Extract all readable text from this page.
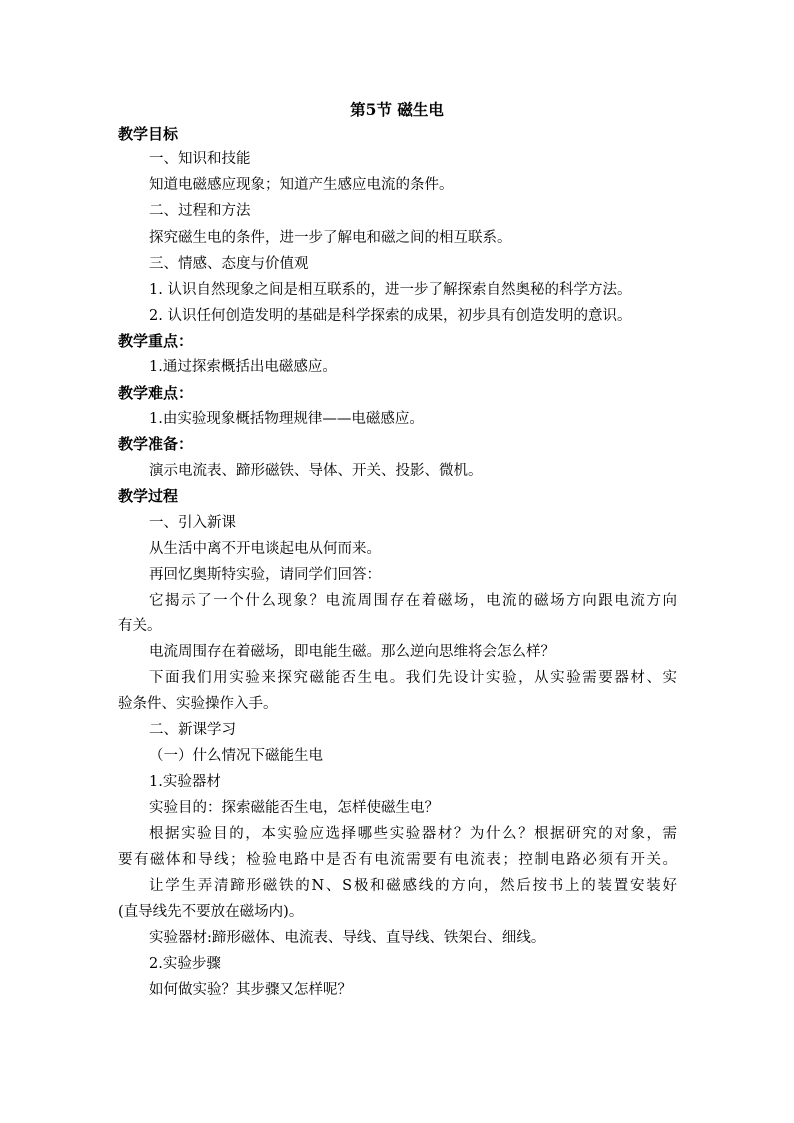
第5节 磁生电
教学目标
一、知识和技能
知道电磁感应现象；知道产生感应电流的条件。
二、过程和方法
探究磁生电的条件，进一步了解电和磁之间的相互联系。
三、情感、态度与价值观
1. 认识自然现象之间是相互联系的，进一步了解探索自然奥秘的科学方法。
2. 认识任何创造发明的基础是科学探索的成果，初步具有创造发明的意识。
教学重点：
1.通过探索概括出电磁感应。
教学难点：
1.由实验现象概括物理规律——电磁感应。
教学准备：
演示电流表、蹄形磁铁、导体、开关、投影、微机。
教学过程
一、引入新课
从生活中离不开电谈起电从何而来。
再回忆奥斯特实验，请同学们回答：
它揭示了一个什么现象？电流周围存在着磁场，电流的磁场方向跟电流方向
有关。
电流周围存在着磁场，即电能生磁。那么逆向思维将会怎么样？
下面我们用实验来探究磁能否生电。我们先设计实验，从实验需要器材、实
验条件、实验操作入手。
二、新课学习
（一）什么情况下磁能生电
1.实验器材
实验目的：探索磁能否生电，怎样使磁生电？
根据实验目的，本实验应选择哪些实验器材？为什么？根据研究的对象，需
要有磁体和导线；检验电路中是否有电流需要有电流表；控制电路必须有开关。
让学生弄清蹄形磁铁的N、S极和磁感线的方向，然后按书上的装置安装好
(直导线先不要放在磁场内)。
实验器材:蹄形磁体、电流表、导线、直导线、铁架台、细线。
2.实验步骤
如何做实验？其步骤又怎样呢？
